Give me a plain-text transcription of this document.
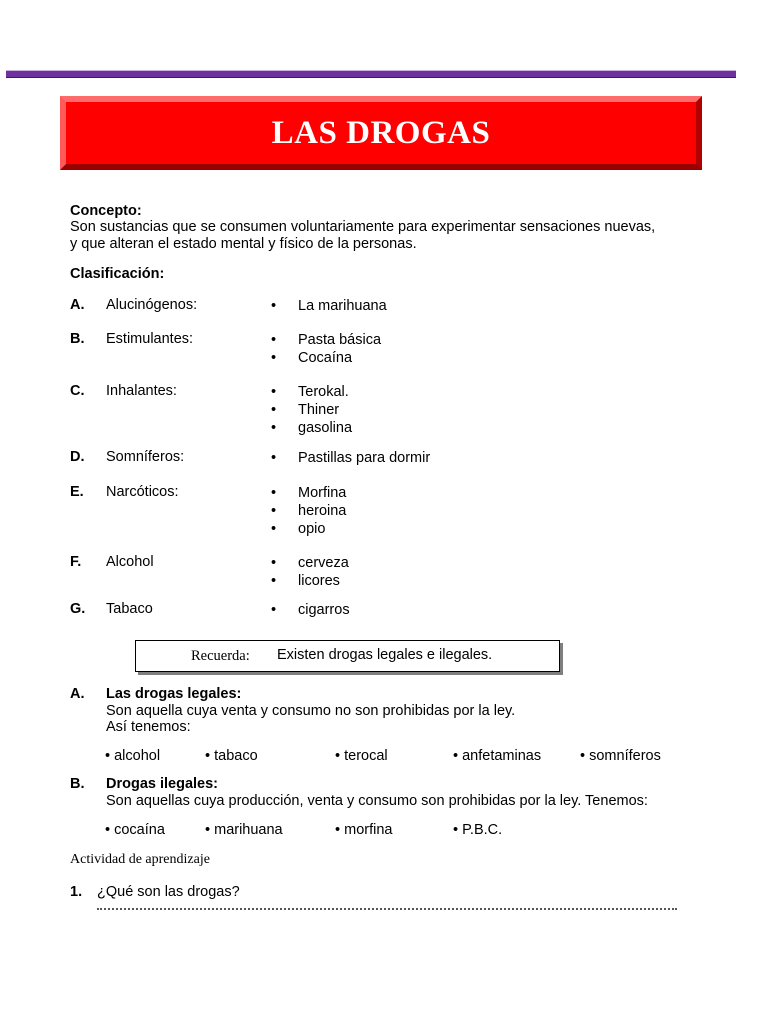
LAS DROGAS
Concepto:
Son sustancias que se consumen voluntariamente para experimentar sensaciones nuevas,
y que alteran el estado mental y físico de la personas.
Clasificación:
A. Alucinógenos:	• La marihuana
B. Estimulantes:	• Pasta básica
• Cocaína
C. Inhalantes:	• Terokal.
• Thiner
• gasolina
D. Somníferos:	• Pastillas para dormir
E. Narcóticos:	• Morfina
• heroina
• opio
F. Alcohol	• cerveza
• licores
G. Tabaco	• cigarros
Recuerda: Existen drogas legales e ilegales.
A. Las drogas legales:
Son aquella cuya venta y consumo no son prohibidas por la ley.
Así tenemos:
• alcohol	• tabaco	• terocal	• anfetaminas	• somníferos
B. Drogas ilegales:
Son aquellas cuya producción, venta y consumo son prohibidas por la ley. Tenemos:
• cocaína	• marihuana	• morfina	• P.B.C.
Actividad de aprendizaje
1. ¿Qué son las drogas?
